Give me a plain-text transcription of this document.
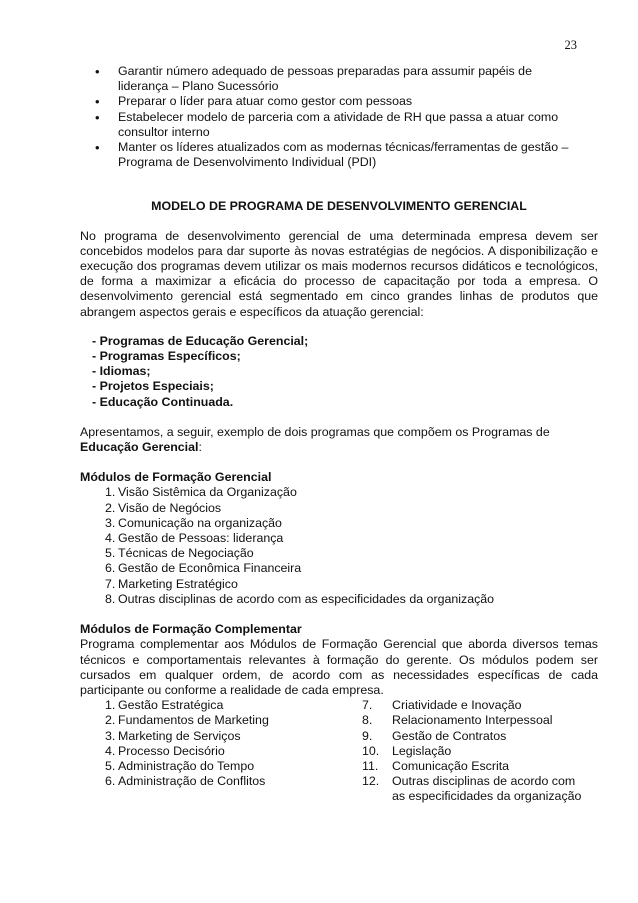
23
• Garantir número adequado de pessoas preparadas para assumir papéis de
liderança – Plano Sucessório
• Preparar o líder para atuar como gestor com pessoas
• Estabelecer modelo de parceria com a atividade de RH que passa a atuar como
consultor interno
• Manter os líderes atualizados com as modernas técnicas/ferramentas de gestão –
Programa de Desenvolvimento Individual (PDI)
MODELO DE PROGRAMA DE DESENVOLVIMENTO GERENCIAL

No programa de desenvolvimento gerencial de uma determinada empresa devem ser concebidos modelos para dar suporte às novas estratégias de negócios. A disponibilização e execução dos programas devem utilizar os mais modernos recursos didáticos e tecnológicos, de forma a maximizar a eficácia do processo de capacitação por toda a empresa. O desenvolvimento gerencial está segmentado em cinco grandes linhas de produtos que abrangem aspectos gerais e específicos da atuação gerencial:

- Programas de Educação Gerencial;
- Programas Específicos;
- Idiomas;
- Projetos Especiais;
- Educação Continuada.
Apresentamos, a seguir, exemplo de dois programas que compõem os Programas de
Educação Gerencial:
Módulos de Formação Gerencial
1. Visão Sistêmica da Organização
2. Visão de Negócios
3. Comunicação na organização
4. Gestão de Pessoas: liderança
5. Técnicas de Negociação
6. Gestão de Econômica Financeira
7. Marketing Estratégico
8. Outras disciplinas de acordo com as especificidades da organização
Módulos de Formação Complementar

Programa complementar aos Módulos de Formação Gerencial que aborda diversos temas técnicos e comportamentais relevantes à formação do gerente. Os módulos podem ser cursados em qualquer ordem, de acordo com as necessidades específicas de cada participante ou conforme a realidade de cada empresa.

1. Gestão Estratégica
2. Fundamentos de Marketing
3. Marketing de Serviços
4. Processo Decisório
5. Administração do Tempo
6. Administração de Conflitos
7. Criatividade e Inovação
8. Relacionamento Interpessoal
9. Gestão de Contratos
10. Legislação
11. Comunicação Escrita
12. Outras disciplinas de acordo com
as especificidades da organização
